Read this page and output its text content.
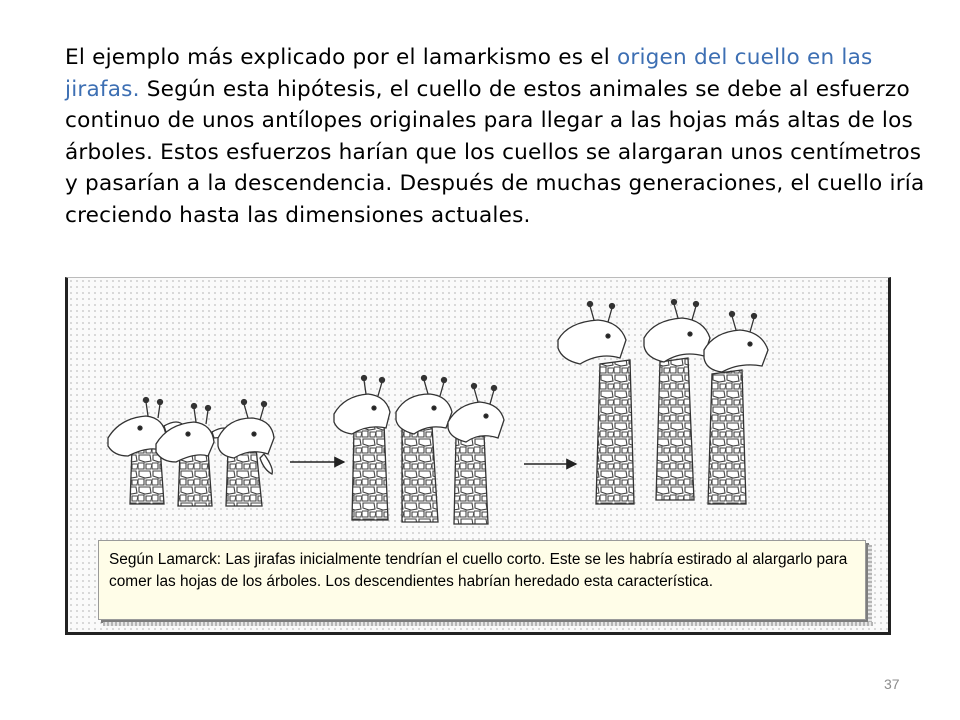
El ejemplo más explicado por el lamarkismo es el origen del cuello en las jirafas. Según esta hipótesis, el cuello de estos animales se debe al esfuerzo continuo de unos antílopes originales para llegar a las hojas más altas de los árboles. Estos esfuerzos harían que los cuellos se alargaran unos centímetros y pasarían a la descendencia. Después de muchas generaciones, el cuello iría creciendo hasta las dimensiones actuales.

Según Lamarck: Las jirafas inicialmente tendrían el cuello corto. Este se les habría estirado al alargarlo para comer las hojas de los árboles. Los descendientes habrían heredado esta característica.
37
